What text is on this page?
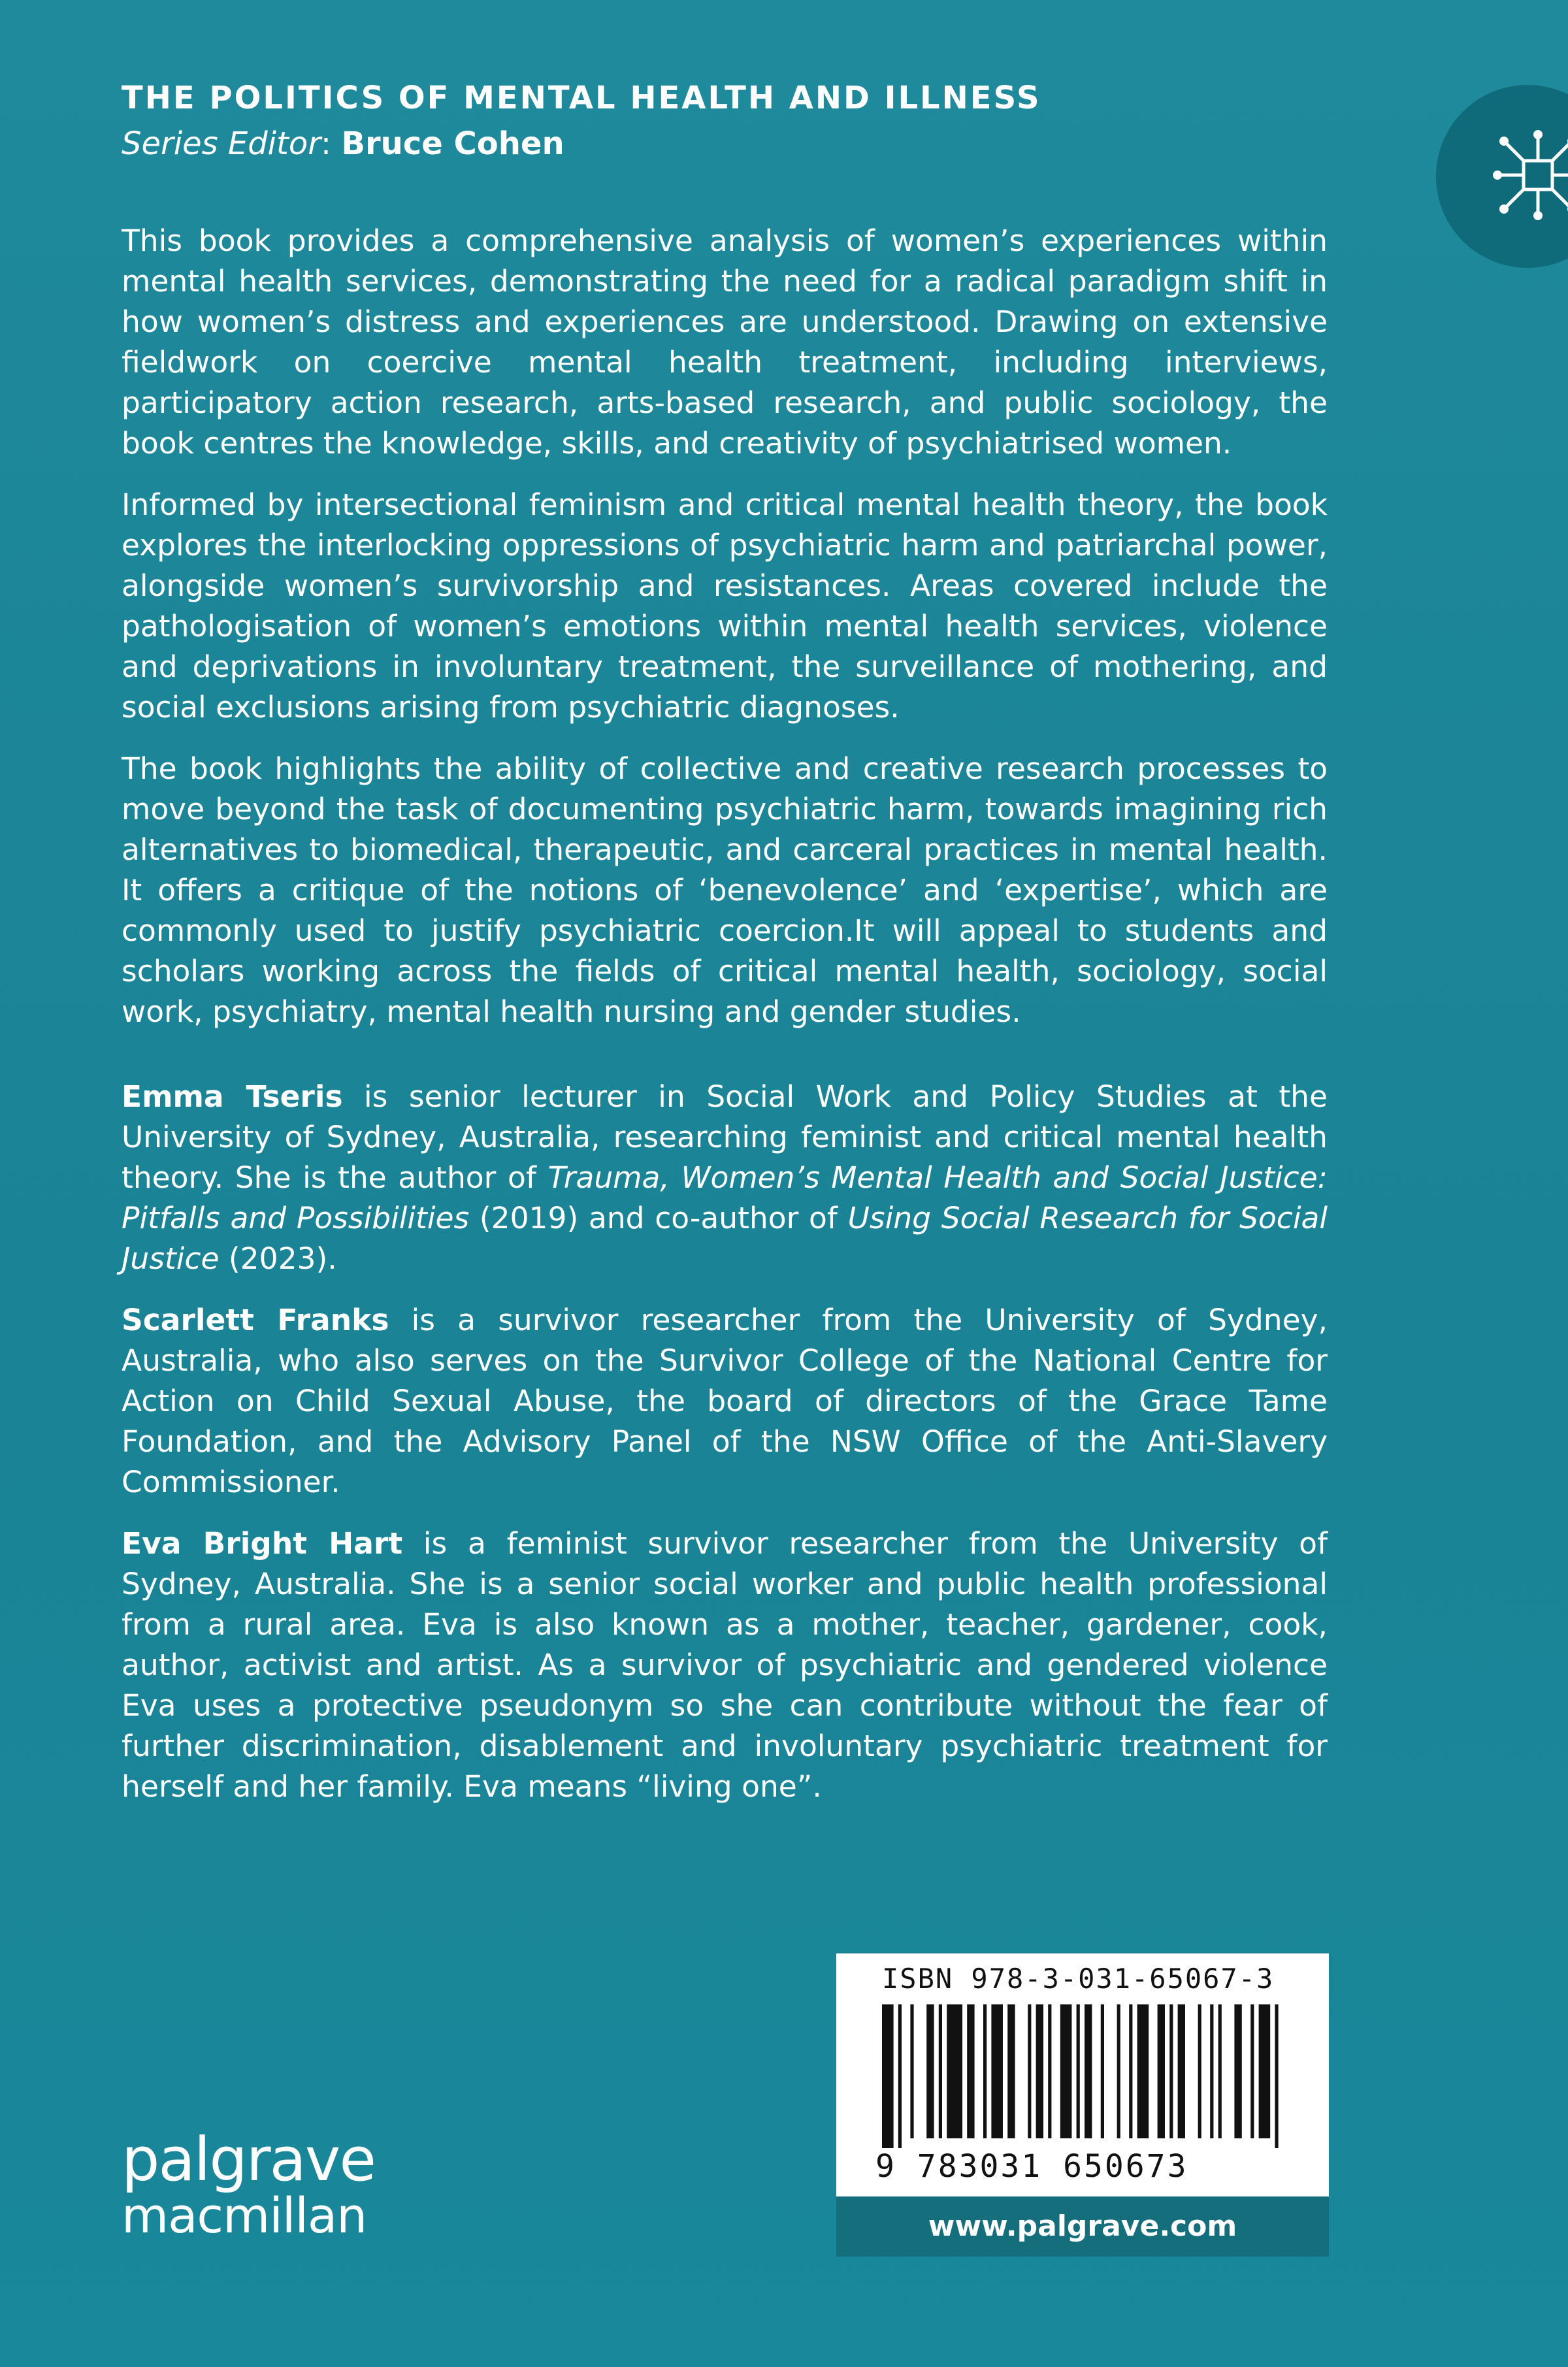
THE POLITICS OF MENTAL HEALTH AND ILLNESS
Series Editor: Bruce Cohen

This book provides a comprehensive analysis of women’s experiences within mental health services, demonstrating the need for a radical paradigm shift in how women’s distress and experiences are understood. Drawing on extensive fieldwork on coercive mental health treatment, including interviews, participatory action research, arts-based research, and public sociology, the book centres the knowledge, skills, and creativity of psychiatrised women.

Informed by intersectional feminism and critical mental health theory, the book explores the interlocking oppressions of psychiatric harm and patriarchal power, alongside women’s survivorship and resistances. Areas covered include the pathologisation of women’s emotions within mental health services, violence and deprivations in involuntary treatment, the surveillance of mothering, and social exclusions arising from psychiatric diagnoses.

The book highlights the ability of collective and creative research processes to move beyond the task of documenting psychiatric harm, towards imagining rich alternatives to biomedical, therapeutic, and carceral practices in mental health. It offers a critique of the notions of ‘benevolence’ and ‘expertise’, which are commonly used to justify psychiatric coercion.It will appeal to students and scholars working across the fields of critical mental health, sociology, social work, psychiatry, mental health nursing and gender studies.

Emma Tseris is senior lecturer in Social Work and Policy Studies at the University of Sydney, Australia, researching feminist and critical mental health theory. She is the author of Trauma, Women’s Mental Health and Social Justice: Pitfalls and Possibilities (2019) and co-author of Using Social Research for Social Justice (2023).

Scarlett Franks is a survivor researcher from the University of Sydney, Australia, who also serves on the Survivor College of the National Centre for Action on Child Sexual Abuse, the board of directors of the Grace Tame Foundation, and the Advisory Panel of the NSW Office of the Anti-Slavery Commissioner.

Eva Bright Hart is a feminist survivor researcher from the University of Sydney, Australia. She is a senior social worker and public health professional from a rural area. Eva is also known as a mother, teacher, gardener, cook, author, activist and artist. As a survivor of psychiatric and gendered violence Eva uses a protective pseudonym so she can contribute without the fear of further discrimination, disablement and involuntary psychiatric treatment for herself and her family. Eva means “living one”.

ISBN 978-3-031-65067-3
9 783031 650673
www.palgrave.com
palgrave
macmillan
